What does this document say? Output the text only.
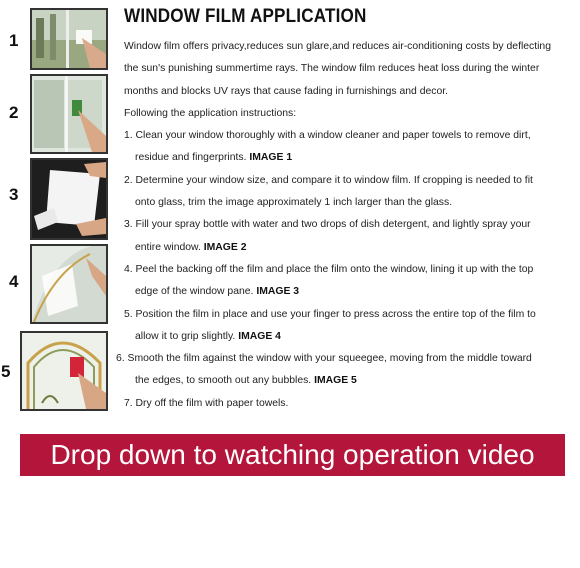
1
2
3
4
5
WINDOW FILM APPLICATION

Window film offers privacy,reduces sun glare,and reduces air-conditioning costs by deflecting

the sun's punishing summertime rays. The window film reduces heat loss during the winter

months and blocks UV rays that cause fading in furnishings and decor.

Following the application instructions:

1. Clean your window thoroughly with a window cleaner and paper towels to remove dirt,

residue and fingerprints. IMAGE 1

2. Determine your window size, and compare it to window film. If cropping is needed to fit

onto glass, trim the image approximately 1 inch larger than the glass.

3. Fill your spray bottle with water and two drops of dish detergent, and lightly spray your

entire window. IMAGE 2

4. Peel the backing off the film and place the film onto the window, lining it up with the top

edge of the window pane. IMAGE 3

5. Position the film in place and use your finger to press across the entire top of the film to

allow it to grip slightly. IMAGE 4

6. Smooth the film against the window with your squeegee, moving from the middle toward

the edges, to smooth out any bubbles. IMAGE 5

7. Dry off the film with paper towels.

Drop down to watching operation video
